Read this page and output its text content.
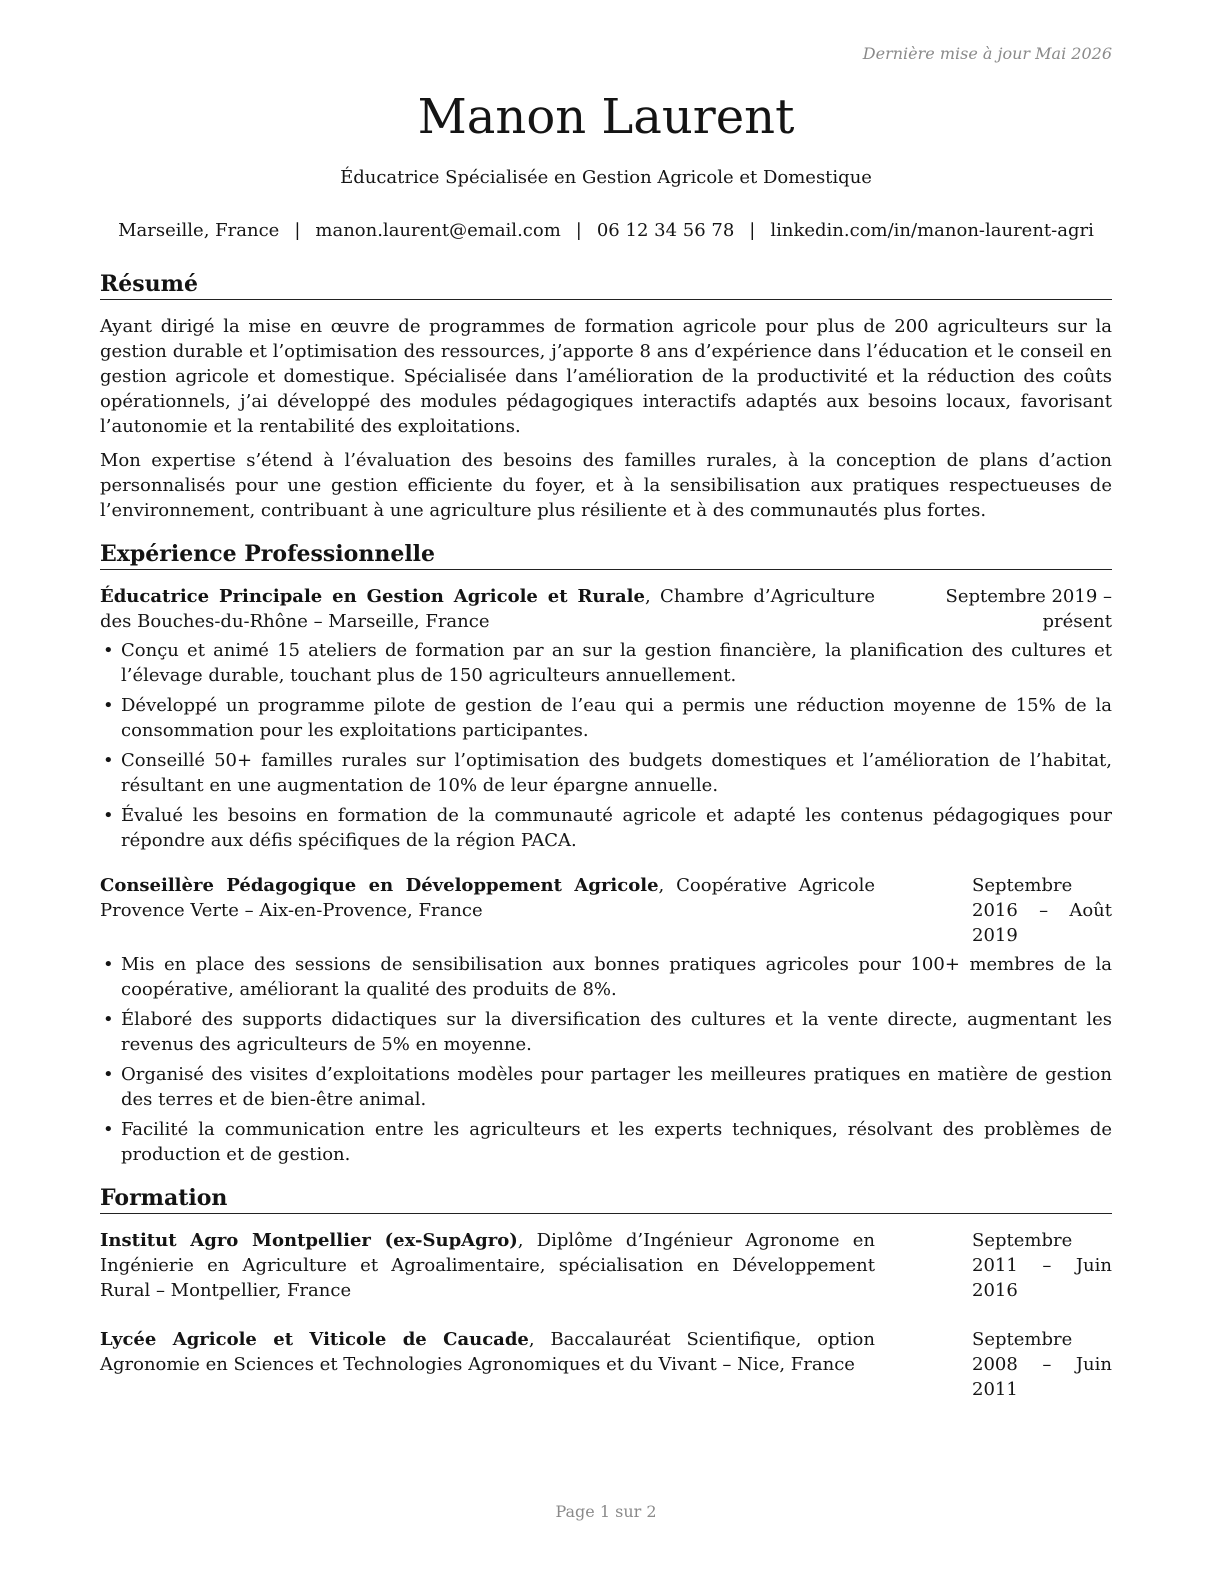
Dernière mise à jour Mai 2026
Manon Laurent
Éducatrice Spécialisée en Gestion Agricole et Domestique
Marseille, France | manon.laurent@email.com | 06 12 34 56 78 | linkedin.com/in/manon-laurent-agri
Résumé

Ayant dirigé la mise en œuvre de programmes de formation agricole pour plus de 200 agriculteurs sur la gestion durable et l’optimisation des ressources, j’apporte 8 ans d’expérience dans l’éducation et le conseil en gestion agricole et domestique. Spécialisée dans l’amélioration de la productivité et la réduction des coûts opérationnels, j’ai développé des modules pédagogiques interactifs adaptés aux besoins locaux, favorisant l’autonomie et la rentabilité des exploitations.

Mon expertise s’étend à l’évaluation des besoins des familles rurales, à la conception de plans d’action personnalisés pour une gestion efficiente du foyer, et à la sensibilisation aux pratiques respectueuses de l’environnement, contribuant à une agriculture plus résiliente et à des communautés plus fortes.

Expérience Professionnelle
Éducatrice Principale en Gestion Agricole et Rurale, Chambre d’Agriculture des Bouches-du-Rhône – Marseille, France
Septembre 2019 – présent
• Conçu et animé 15 ateliers de formation par an sur la gestion financière, la planification des cultures et l’élevage durable, touchant plus de 150 agriculteurs annuellement.
• Développé un programme pilote de gestion de l’eau qui a permis une réduction moyenne de 15% de la consommation pour les exploitations participantes.
• Conseillé 50+ familles rurales sur l’optimisation des budgets domestiques et l’amélioration de l’habitat, résultant en une augmentation de 10% de leur épargne annuelle.
• Évalué les besoins en formation de la communauté agricole et adapté les contenus pédagogiques pour répondre aux défis spécifiques de la région PACA.
Conseillère Pédagogique en Développement Agricole, Coopérative Agricole Provence Verte – Aix-en-Provence, France
Septembre 2016 – Août 2019
• Mis en place des sessions de sensibilisation aux bonnes pratiques agricoles pour 100+ membres de la coopérative, améliorant la qualité des produits de 8%.
• Élaboré des supports didactiques sur la diversification des cultures et la vente directe, augmentant les revenus des agriculteurs de 5% en moyenne.
• Organisé des visites d’exploitations modèles pour partager les meilleures pratiques en matière de gestion des terres et de bien-être animal.
• Facilité la communication entre les agriculteurs et les experts techniques, résolvant des problèmes de production et de gestion.
Formation
Institut Agro Montpellier (ex-SupAgro), Diplôme d’Ingénieur Agronome en Ingénierie en Agriculture et Agroalimentaire, spécialisation en Développement Rural – Montpellier, France
Septembre 2011 – Juin 2016
Lycée Agricole et Viticole de Caucade, Baccalauréat Scientifique, option Agronomie en Sciences et Technologies Agronomiques et du Vivant – Nice, France
Septembre 2008 – Juin 2011
Page 1 sur 2
